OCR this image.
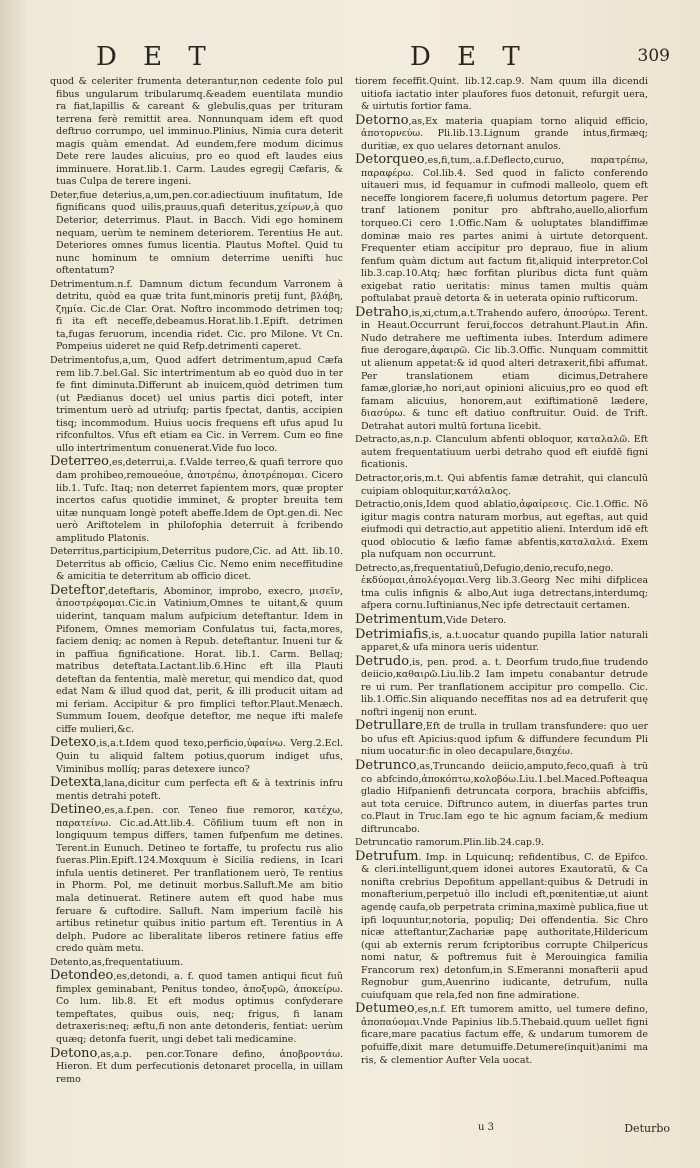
D E T	D E T	309

quod & celeriter frumenta deterantur,non cedente folo pul fibus ungularum tribularumq.&eadem euentilata mundio ra fiat,lapillis & careant & glebulis,quas per trituram terrena ferè remittit area. Nonnunquam idem eft quod deftruo corrumpo, uel imminuo.Plinius, Nimia cura deterit magis quàm emendat. Ad eundem,fere modum dicimus Dete rere laudes alicuius, pro eo quod eft laudes eius imminuere. Horat.lib.1. Carm. Laudes egregij Cæfaris, & tuas Culpa de terere ingeni.

Deter,fiue deterius,a,um,pen.cor.adiectiuum inufitatum, Ide fignificans quod uilis,prauus,quafi deteritus,χείρων,à quo Deterior, deterrimus. Plaut. in Bacch. Vidi ego hominem nequam, uerùm te neminem deteriorem. Terentius He aut. Deteriores omnes fumus licentia. Plautus Moftel. Quid tu nunc hominum te omnium deterrime uenifti huc oftentatum?

Detrimentum.n.f. Damnum dictum fecundum Varronem à detritu, quòd ea quæ trita funt,minoris pretij funt, βλάβη, ζημία. Cic.de Clar. Orat. Noftro incommodo detrimen toq; fi ita eft neceffe,debeamus.Horat.lib.1.Epift. detrimen ta,fugas feruorum, incendia ridet. Cic. pro Milone. Vt Cn. Pompeius uideret ne quid Refp.detrimenti caperet.

Detrimentofus,a,um, Quod adfert detrimentum,apud Cæfa rem lib.7.bel.Gal. Sic intertrimentum ab eo quòd duo in ter fe fint diminuta.Differunt ab inuicem,quòd detrimen tum (ut Pædianus docet) uel unius partis dici poteft, inter trimentum uerò ad utriufq; partis fpectat, dantis, accipien tisq; incommodum. Huius uocis frequens eft ufus apud Iu rifconfultos. Vfus eft etiam ea Cic. in Verrem. Cum eo fine ullo intertrimentum conuenerat.Vide fuo loco.

Deterreo,es,deterrui,a. f.Valde terreo,& quafi terrore quo dam prohibeo,remoueóue, ἀποτρέπω, ἀποτρέπομαι. Cicero lib.1. Tufc. Itaq; non deterret fapientem mors, quæ propter incertos cafus quotidie imminet, & propter breuita tem uitæ nunquam longè poteft abeffe.Idem de Opt.gen.di. Nec uerò Ariftotelem in philofophia deterruit à fcribendo amplitudo Platonis.

Deterritus,participium,Deterritus pudore,Cic. ad Att. lib.10. Deterritus ab officio, Cælius Cic. Nemo enim neceffitudine & amicitia te deterritum ab officio dicet.

Deteftor,deteftaris, Abominor, improbo, execro, μισεῖν, ἀποστρέφομαι.Cic.in Vatinium,Omnes te uitant,& quum uiderint, tanquam malum aufpicium deteftantur. Idem in Pifonem, Omnes memoriam Confulatus tui, facta,mores, faciem deniq; ac nomen à Repub. deteftantur. Inueni tur & in paffiua fignificatione. Horat. lib.1. Carm. Bellaq; matribus deteftata.Lactant.lib.6.Hinc eft illa Plauti deteftan da fententia, malè meretur, qui mendico dat, quod edat Nam & illud quod dat, perit, & illi producit uitam ad mi feriam. Accipitur & pro fimplici teftor.Plaut.Menæch. Summum Iouem, deofque deteftor, me neque ifti malefe ciffe mulieri,&c.

Detexo,is,a.t.Idem quod texo,perficio,ὑφαίνω. Verg.2.Ecl. Quin tu aliquid faltem potius,quorum indiget ufus, Viminibus mollíq; paras detexere iunco?

Detexta,lana,dicitur cum perfecta eft & à textrinis infru mentis detrahi poteft.

Detineo,es,a.f.pen. cor. Teneo fiue remoror, κατέχω, παρατείνω. Cic.ad.Att.lib.4. Cõfilium tuum eft non in longiquum tempus differs, tamen fufpenfum me detines. Terent.in Eunuch. Detineo te fortaffe, tu profectu rus alio fueras.Plin.Epift.124.Moxquum è Sicilia rediens, in Icari infula uentis detineret. Per tranflationem uerò, Te rentius in Phorm. Pol, me detinuit morbus.Salluft.Me am bitio mala detinuerat. Retinere autem eft quod habe mus feruare & cuftodire. Salluft. Nam imperium facilè his artibus retinetur quibus initio partum eft. Terentius in A delph. Pudore ac liberalitate liberos retinere fatius effe credo quàm metu.

Detento,as,frequentatiuum.

Detondeo,es,detondi, a. f. quod tamen antiqui ficut fuũ fimplex geminabant, Penitus tondeo, ἀποξυρῶ, ἀποκείρω. Co lum. lib.8. Et eft modus optimus confyderare tempeftates, quibus ouis, neq; frigus, fi lanam detraxeris:neq; æftu,fi non ante detonderis, fentiat: uerùm quæq; detonfa fuerit, ungi debet tali medicamine.

Detono,as,a.p. pen.cor.Tonare defino, ἀποβροντάω. Hieron. Et dum perfecutionis detonaret procella, in uillam remo

tiorem feceffit.Quint. lib.12.cap.9. Nam quum illa dicendi uitiofa iactatio inter plaufores fuos detonuit, refurgit uera, & uirtutis fortior fama.

Detorno,as,Ex materia quapiam torno aliquid efficio, ἀποτορνεύω. Pli.lib.13.Lignum grande intus,firmæq; duritiæ, ex quo uelares detornant anulos.

Detorqueo,es,fi,tum,.a.f.Deflecto,curuo, παρατρέπω, παραφέρω. Col.lib.4. Sed quod in falicto conferendo uitaueri mus, id fequamur in cufmodi malleolo, quem eft neceffe longiorem facere,fi uolumus detortum pagere. Per tranf lationem ponitur pro abftraho,auello,aliorfum torqueo.Ci cero 1.Offic.Nam & uoluptates blandiffimæ dominæ maio res partes animi à uirtute detorquent. Frequenter etiam accipitur pro deprauo, fiue in alium fenfum quàm dictum aut factum fit,aliquid interpretor.Col lib.3.cap.10.Atq; hæc forfitan pluribus dicta funt quàm exigebat ratio ueritatis: minus tamen multis quàm poftulabat prauè detorta & in ueterata opinio rufticorum.

Detraho,is,xi,ctum,a.t.Trahendo aufero, ἀποσύρω. Terent. in Heaut.Occurrunt ferui,foccos detrahunt.Plaut.in Afin. Nudo detrahere me ueftimenta iubes. Interdum adimere fiue derogare,ἀφαιρῶ. Cic lib.3.Offic. Nunquam committit ut alienum appetat:& id quod alteri detraxerit,fibi affumat. Per translationem etiam dicimus,Detrahere famæ,gloriæ,ho nori,aut opinioni alicuius,pro eo quod eft famam alicuius, honorem,aut exiftimationē lædere, διασύρω. & tunc eft datiuo conftruitur. Ouid. de Trift. Detrahat autori multū fortuna licebit.

Detracto,as,n.p. Clanculum abfenti obloquor, καταλαλῶ. Eft autem frequentatiuum uerbi detraho quod eft eiufdē figni ficationis.

Detractor,oris,m.t. Qui abfentis famæ detrahit, qui clanculū cuipiam obloquitur,κατάλαλος.

Detractio,onis,Idem quod ablatio,ἀφαίρεσις. Cic.1.Offic. Nõ igitur magis contra naturam morbus, aut egeftas, aut quid eiufmodi qui detractio,aut appetitio alieni. Interdum idē eft quod oblocutio & læfio famæ abfentis,καταλαλιά. Exem pla nufquam non occurrunt.

Detrecto,as,frequentatiuũ,Defugio,denio,recufo,nego. ἐκδύομαι,ἀπολέγομαι.Verg lib.3.Georg Nec mihi difplicea tma culis infignis & albo,Aut iuga detrectans,interdumq; afpera cornu.Iuftinianus,Nec ipfe detrectauit certamen.

Detrimentum,Vide Detero.

Detrimiafis,is, a.t.uocatur quando pupilla latior naturali apparet,& ufa minora ueris uidentur.

Detrudo,is, pen. prod. a. t. Deorfum trudo,fiue trudendo deiicio,καθαιρῶ.Liu.lib.2 Iam impetu conabantur detrude re ui rum. Per tranflationem accipitur pro compello. Cic. lib.1.Offic.Sin aliquando neceffitas nos ad ea detruferit quę noftri ingenij non erunt.

Detrullare,Eft de trulla in trullam transfundere: quo uer bo ufus eft Apicius:quod ipfum & diffundere fecundum Pli nium uocatur:fic in oleo decapulare,διαχέω.

Detrunco,as,Truncando deiicio,amputo,feco,quafi à trū co abfcindo,ἀποκόπτω,κολοβόω.Liu.1.bel.Maced.Pofteaqua gladio Hifpanienfi detruncata corpora, brachiis abfciffis, aut tota ceruice. Diftrunco autem, in diuerfas partes trun co.Plaut in Truc.Iam ego te hic agnum faciam,& medium diftruncabo.

Detruncatio ramorum.Plin.lib.24.cap.9.

Detrufum. Imp. in Lquicunq; refidentibus, C. de Epifco. & cleri.intelligunt,quem idonei autores Exautoratū, & Ca nonifta crebrius Depofitum appellant:quibus & Detrudi in monafterium,perpetuò illo includi eft,pœnitentiæ,ut aiunt agendę caufa,ob perpetrata crimina,maximè publica,fiue ut ipfi loquuntur,notoria, populiq; Dei offendentia. Sic Chro nicæ atteftantur,Zachariæ papę authoritate,Hildericum (qui ab externis rerum fcriptoribus corrupte Chilpericus nomi natur, & poftremus fuit è Merouingica familia Francorum rex) detonfum,in S.Emeranni monafterii apud Regnobur gum,Auenrino iudicante, detrufum, nulla cuiufquam que rela,fed non fine admiratione.

Detumeo,es,n.f. Eft tumorem amitto, uel tumere defino, ἀποπαύομαι.Vnde Papinius lib.5.Thebaid.quum uellet figni ficare,mare pacatius factum effe, & undarum tumorem de pofuiffe,dixit mare detumuiffe.Detumere(inquit)animi ma ris, & clementior Aufter Vela uocat.

u 3	Deturbo
